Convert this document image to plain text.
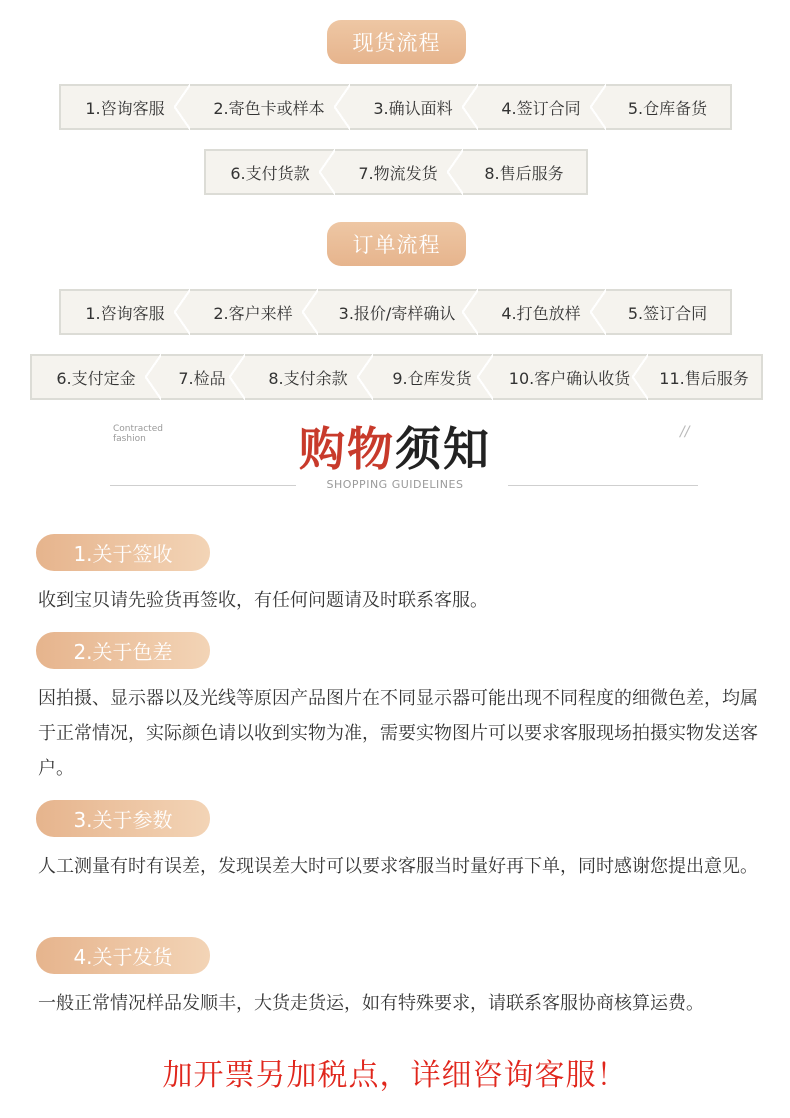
现货流程
1.咨询客服	2.寄色卡或样本	3.确认面料	4.签订合同	5.仓库备货
6.支付货款	7.物流发货	8.售后服务
订单流程
1.咨询客服	2.客户来样	3.报价/寄样确认	4.打色放样	5.签订合同
6.支付定金	7.检品	8.支付余款	9.仓库发货	10.客户确认收货	11.售后服务
Contracted
fashion	//
购物须知
SHOPPING GUIDELINES
1.关于签收
收到宝贝请先验货再签收，有任何问题请及时联系客服。
2.关于色差
因拍摄、显示器以及光线等原因产品图片在不同显示器可能出现不同程度的细微色差，均属于正常情况，实际颜色请以收到实物为准，需要实物图片可以要求客服现场拍摄实物发送客户。
3.关于参数
人工测量有时有误差，发现误差大时可以要求客服当时量好再下单，同时感谢您提出意见。
4.关于发货
一般正常情况样品发顺丰，大货走货运，如有特殊要求，请联系客服协商核算运费。
加开票另加税点，详细咨询客服！
